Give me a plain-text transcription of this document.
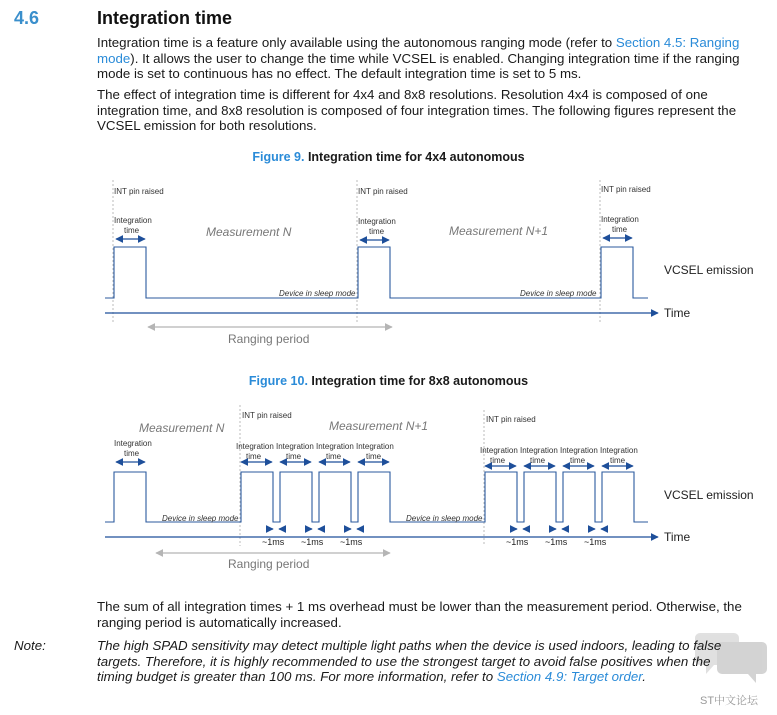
4.6	Integration time
Integration time is a feature only available using the autonomous ranging mode (refer to Section 4.5: Ranging mode). It allows the user to change the time while VCSEL is enabled. Changing integration time if the ranging mode is set to continuous has no effect. The default integration time is set to 5 ms.
The effect of integration time is different for 4x4 and 8x8 resolutions. Resolution 4x4 is composed of one integration time, and 8x8 resolution is composed of four integration times. The following figures represent the VCSEL emission for both resolutions.
Figure 9. Integration time for 4x4 autonomous
INT pin raised	INT pin raised	INT pin raised
Integration
time
Integration
time
Integration
time
Measurement N	Measurement N+1
Device in sleep mode	Device in sleep mode
VCSEL emission
Time
Ranging period
INT pin raised	INT pin raised
Measurement N	Measurement N+1
Integration
time
Integration
time
Integration
time
Integration
time
Integration
time
Integration
time
Integration
time
Integration
time
Integration
time
Device in sleep mode	Device in sleep mode
VCSEL emission
~1ms ~1ms ~1ms	~1ms ~1ms ~1ms	Time
Ranging period
Figure 10. Integration time for 8x8 autonomous
The sum of all integration times + 1 ms overhead must be lower than the measurement period. Otherwise, the ranging period is automatically increased.
Note:	The high SPAD sensitivity may detect multiple light paths when the device is used indoors, leading to false targets. Therefore, it is highly recommended to use the strongest target to avoid false positives when the timing budget is greater than 100 ms. For more information, refer to Section 4.9: Target order.
ST中文论坛
